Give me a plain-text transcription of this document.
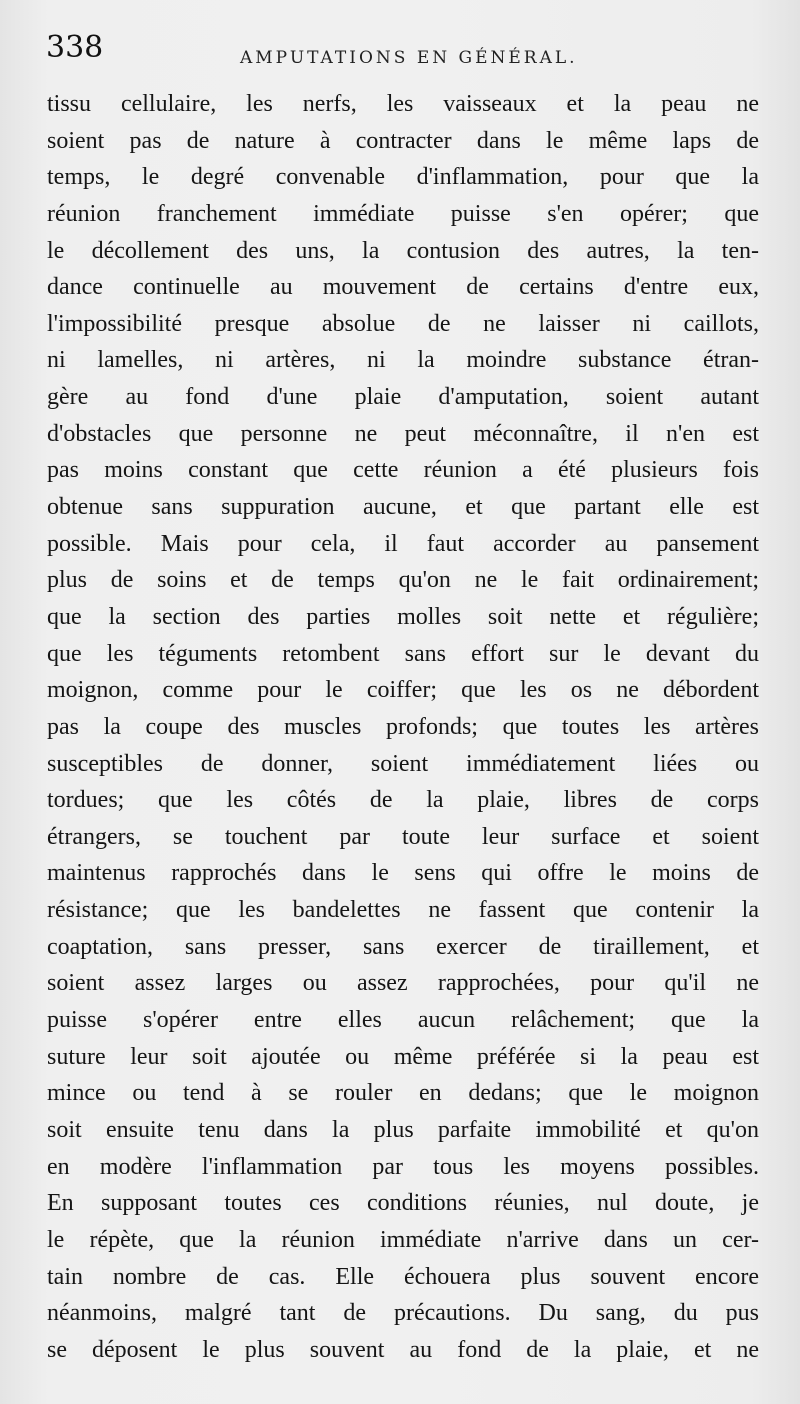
338	AMPUTATIONS EN GÉNÉRAL.
tissu cellulaire, les nerfs, les vaisseaux et la peau ne
soient pas de nature à contracter dans le même laps de
temps, le degré convenable d'inflammation, pour que la
réunion franchement immédiate puisse s'en opérer; que
le décollement des uns, la contusion des autres, la ten-
dance continuelle au mouvement de certains d'entre eux,
l'impossibilité presque absolue de ne laisser ni caillots,
ni lamelles, ni artères, ni la moindre substance étran-
gère au fond d'une plaie d'amputation, soient autant
d'obstacles que personne ne peut méconnaître, il n'en est
pas moins constant que cette réunion a été plusieurs fois
obtenue sans suppuration aucune, et que partant elle est
possible. Mais pour cela, il faut accorder au pansement
plus de soins et de temps qu'on ne le fait ordinairement;
que la section des parties molles soit nette et régulière;
que les téguments retombent sans effort sur le devant du
moignon, comme pour le coiffer; que les os ne débordent
pas la coupe des muscles profonds; que toutes les artères
susceptibles de donner, soient immédiatement liées ou
tordues; que les côtés de la plaie, libres de corps
étrangers, se touchent par toute leur surface et soient
maintenus rapprochés dans le sens qui offre le moins de
résistance; que les bandelettes ne fassent que contenir la
coaptation, sans presser, sans exercer de tiraillement, et
soient assez larges ou assez rapprochées, pour qu'il ne
puisse s'opérer entre elles aucun relâchement; que la
suture leur soit ajoutée ou même préférée si la peau est
mince ou tend à se rouler en dedans; que le moignon
soit ensuite tenu dans la plus parfaite immobilité et qu'on
en modère l'inflammation par tous les moyens possibles.
En supposant toutes ces conditions réunies, nul doute, je
le répète, que la réunion immédiate n'arrive dans un cer-
tain nombre de cas. Elle échouera plus souvent encore
néanmoins, malgré tant de précautions. Du sang, du pus
se déposent le plus souvent au fond de la plaie, et ne
